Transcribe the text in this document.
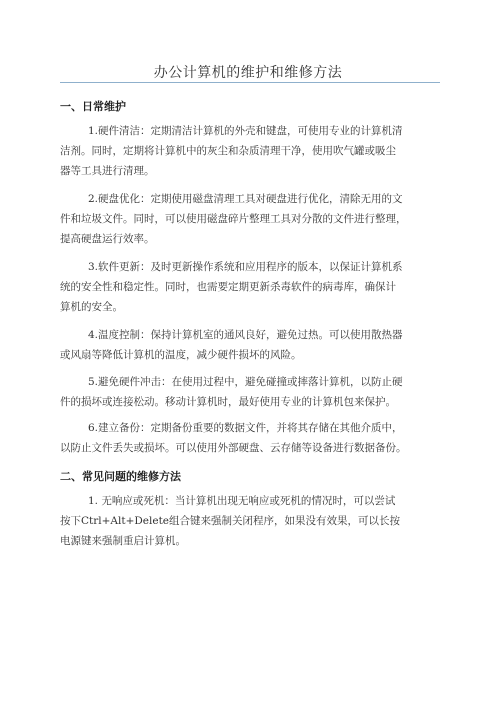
办公计算机的维护和维修方法
一、日常维护
1.硬件清洁：定期清洁计算机的外壳和键盘，可使用专业的计算机清
洁剂。同时，定期将计算机中的灰尘和杂质清理干净，使用吹气罐或吸尘
器等工具进行清理。
2.硬盘优化：定期使用磁盘清理工具对硬盘进行优化，清除无用的文
件和垃圾文件。同时，可以使用磁盘碎片整理工具对分散的文件进行整理，
提高硬盘运行效率。
3.软件更新：及时更新操作系统和应用程序的版本，以保证计算机系
统的安全性和稳定性。同时，也需要定期更新杀毒软件的病毒库，确保计
算机的安全。
4.温度控制：保持计算机室的通风良好，避免过热。可以使用散热器
或风扇等降低计算机的温度，减少硬件损坏的风险。
5.避免硬件冲击：在使用过程中，避免碰撞或摔落计算机，以防止硬
件的损坏或连接松动。移动计算机时，最好使用专业的计算机包来保护。
6.建立备份：定期备份重要的数据文件，并将其存储在其他介质中，
以防止文件丢失或损坏。可以使用外部硬盘、云存储等设备进行数据备份。
二、常见问题的维修方法
1. 无响应或死机：当计算机出现无响应或死机的情况时，可以尝试
按下Ctrl+Alt+Delete组合键来强制关闭程序，如果没有效果，可以长按
电源键来强制重启计算机。
